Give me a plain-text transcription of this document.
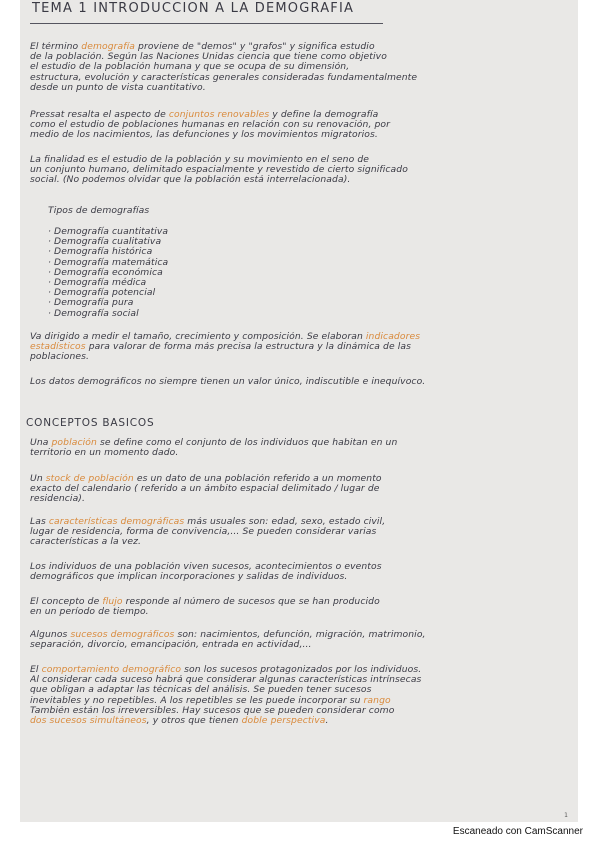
TEMA 1 INTRODUCCION A LA DEMOGRAFIA
El término demografía proviene de "demos" y "grafos" y significa estudio
de la población. Según las Naciones Unidas ciencia que tiene como objetivo
el estudio de la población humana y que se ocupa de su dimensión,
estructura, evolución y características generales consideradas fundamentalmente
desde un punto de vista cuantitativo.
Pressat resalta el aspecto de conjuntos renovables y define la demografía
como el estudio de poblaciones humanas en relación con su renovación, por
medio de los nacimientos, las defunciones y los movimientos migratorios.
La finalidad es el estudio de la población y su movimiento en el seno de
un conjunto humano, delimitado espacialmente y revestido de cierto significado
social. (No podemos olvidar que la población está interrelacionada).
Tipos de demografías
· Demografía cuantitativa
· Demografía cualitativa
· Demografía histórica
· Demografía matemática
· Demografía económica
· Demografía médica
· Demografía potencial
· Demografía pura
· Demografía social
Va dirigido a medir el tamaño, crecimiento y composición. Se elaboran indicadores
estadísticos para valorar de forma más precisa la estructura y la dinámica de las
poblaciones.
Los datos demográficos no siempre tienen un valor único, indiscutible e inequívoco.
CONCEPTOS BASICOS
Una población se define como el conjunto de los individuos que habitan en un
territorio en un momento dado.
Un stock de población es un dato de una población referido a un momento
exacto del calendario ( referido a un ámbito espacial delimitado / lugar de
residencia).
Las características demográficas más usuales son: edad, sexo, estado civil,
lugar de residencia, forma de convivencia,... Se pueden considerar varias
características a la vez.
Los individuos de una población viven sucesos, acontecimientos o eventos
demográficos que implican incorporaciones y salidas de individuos.
El concepto de flujo responde al número de sucesos que se han producido
en un período de tiempo.
Algunos sucesos demográficos son: nacimientos, defunción, migración, matrimonio,
separación, divorcio, emancipación, entrada en actividad,...
El comportamiento demográfico son los sucesos protagonizados por los individuos.
Al considerar cada suceso habrá que considerar algunas características intrínsecas
que obligan a adaptar las técnicas del análisis. Se pueden tener sucesos
inevitables y no repetibles. A los repetibles se les puede incorporar su rango
También están los irreversibles. Hay sucesos que se pueden considerar como
dos sucesos simultáneos, y otros que tienen doble perspectiva.
1
Escaneado con CamScanner
